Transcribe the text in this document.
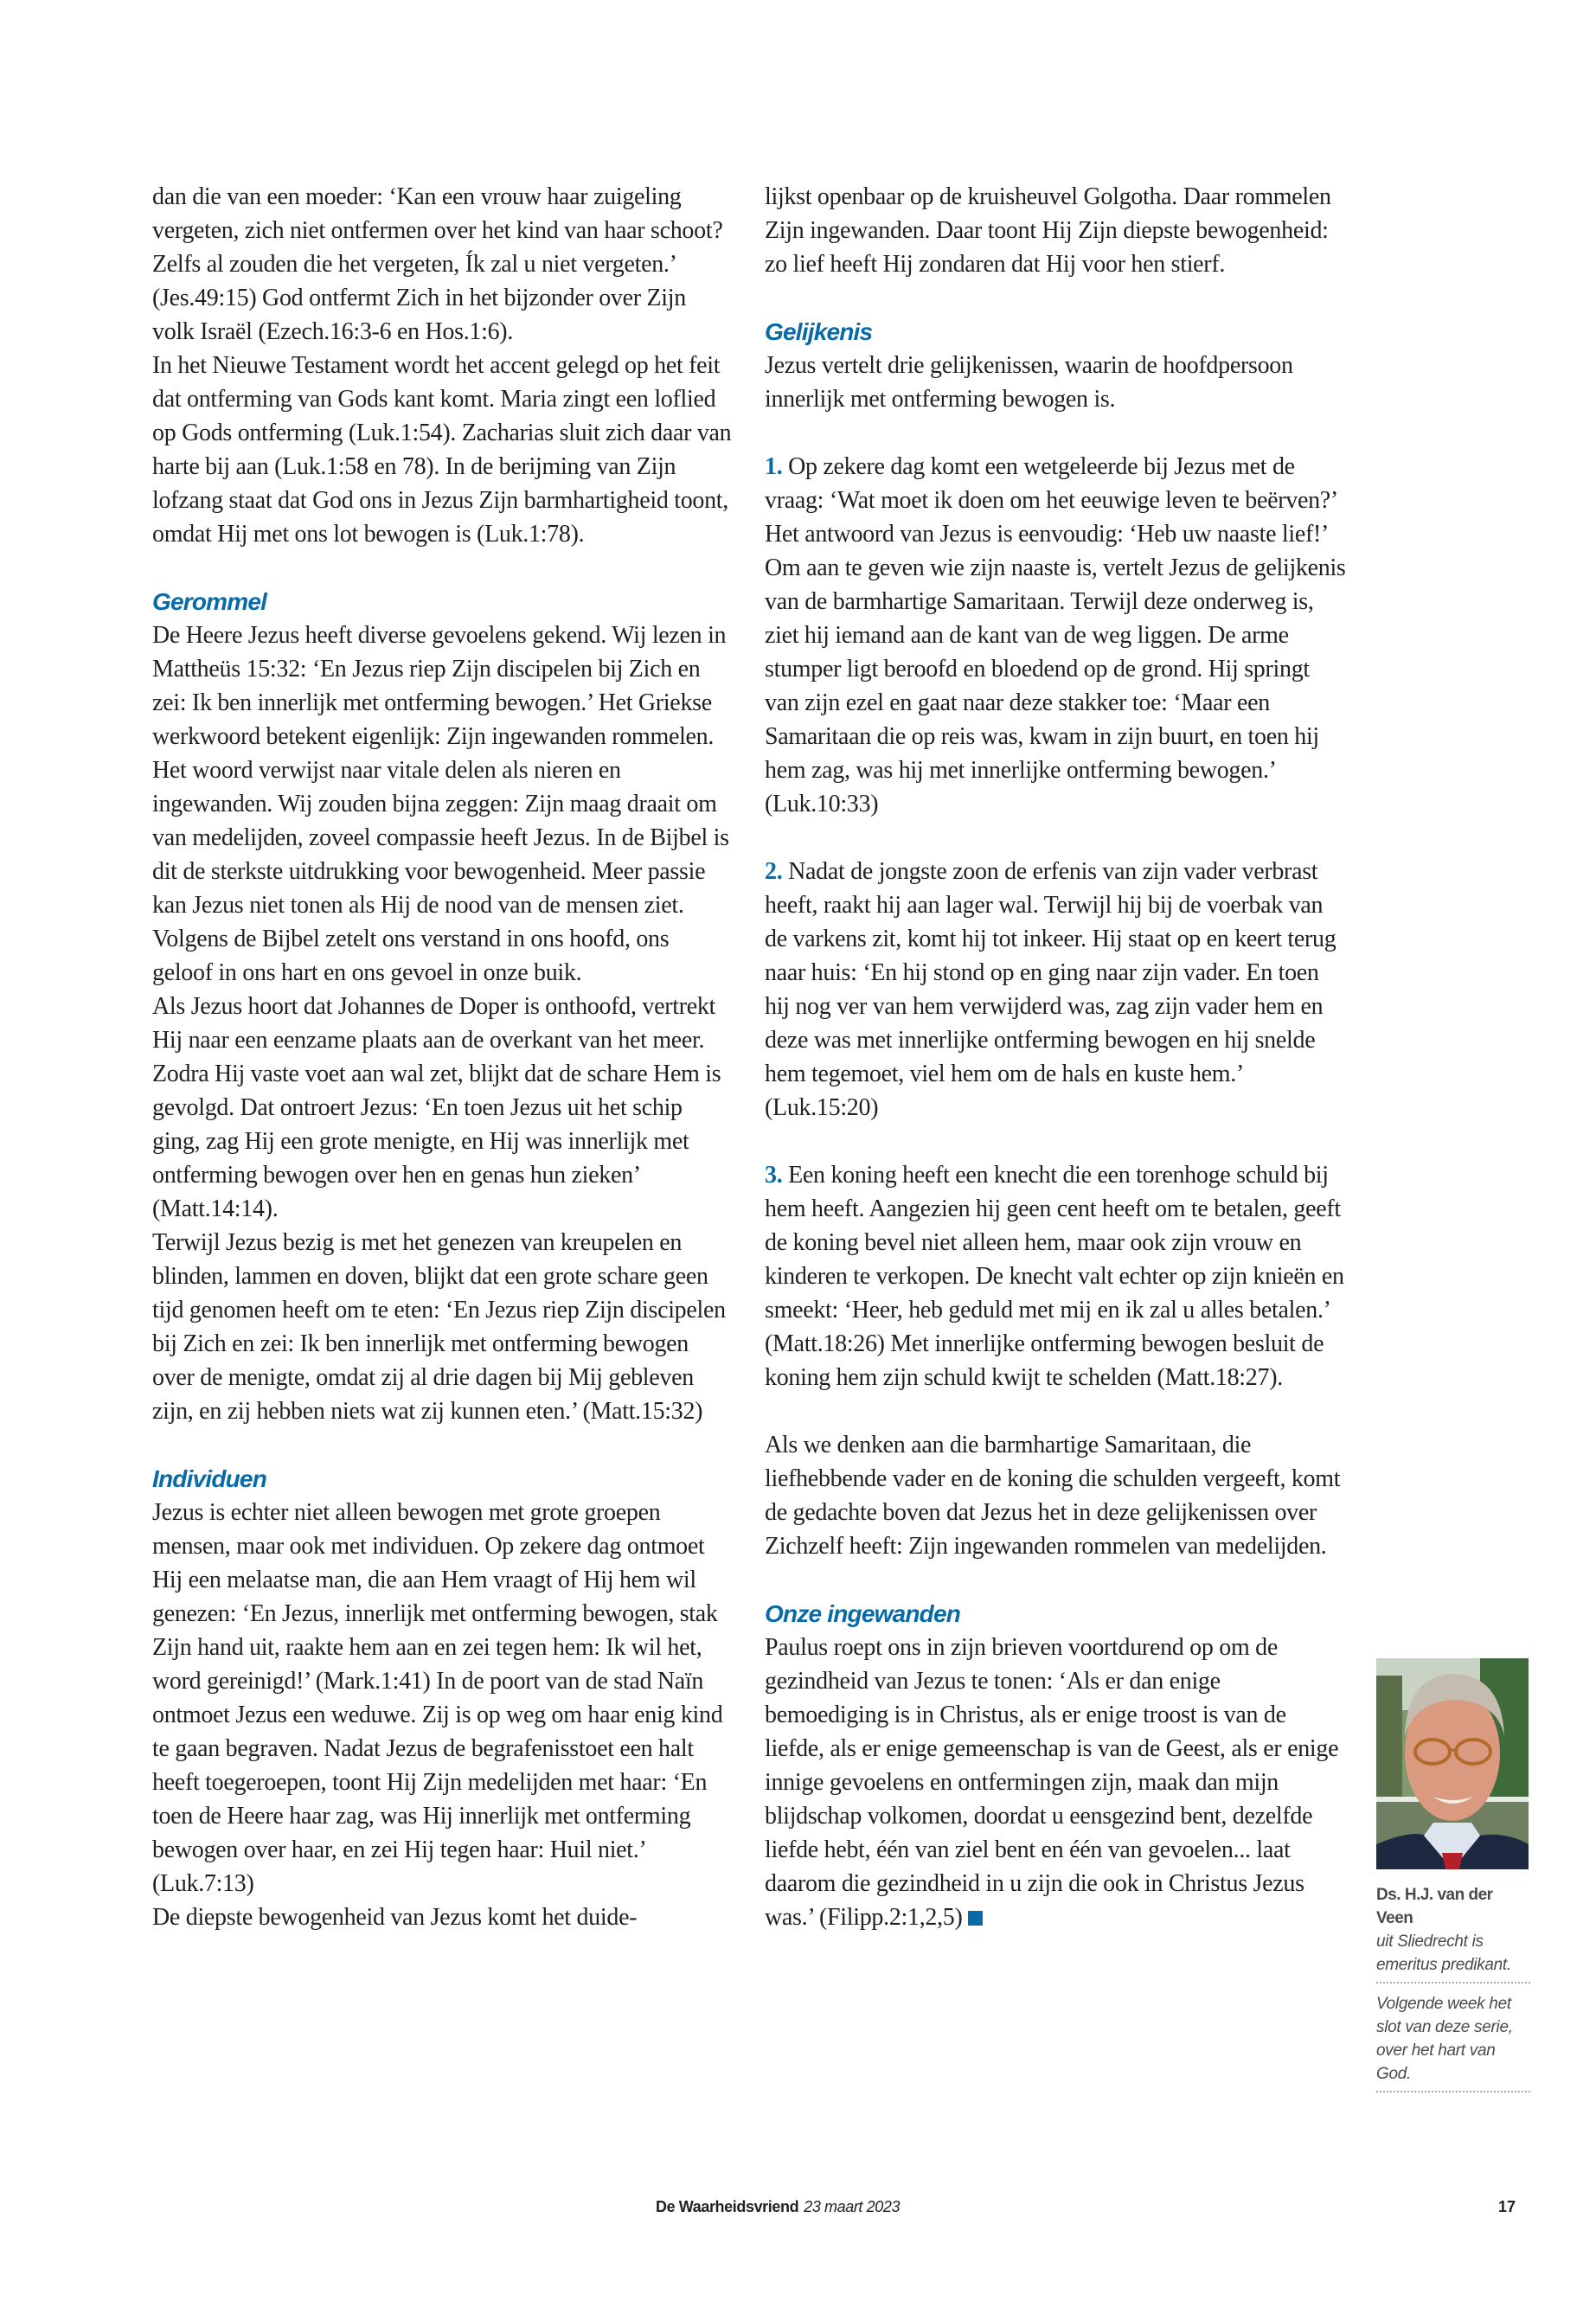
dan die van een moeder: ‘Kan een vrouw haar zuigeling vergeten, zich niet ontfermen over het kind van haar schoot? Zelfs al zouden die het vergeten, Ík zal u niet vergeten.’ (Jes.49:15) God ontfermt Zich in het bijzonder over Zijn volk Israël (Ezech.16:3-6 en Hos.1:6).

In het Nieuwe Testament wordt het accent gelegd op het feit dat ontferming van Gods kant komt. Maria zingt een loflied op Gods ontferming (Luk.1:54). Zacharias sluit zich daar van harte bij aan (Luk.1:58 en 78). In de berijming van Zijn lofzang staat dat God ons in Jezus Zijn barmhartigheid toont, omdat Hij met ons lot bewogen is (Luk.1:78).

Gerommel

De Heere Jezus heeft diverse gevoelens gekend. Wij lezen in Mattheüs 15:32: ‘En Jezus riep Zijn discipelen bij Zich en zei: Ik ben innerlijk met ontferming bewogen.’ Het Griekse werkwoord betekent eigenlijk: Zijn ingewanden rommelen. Het woord verwijst naar vitale delen als nieren en ingewanden. Wij zouden bijna zeggen: Zijn maag draait om van medelijden, zoveel compassie heeft Jezus. In de Bijbel is dit de sterkste uitdrukking voor bewogenheid. Meer passie kan Jezus niet tonen als Hij de nood van de mensen ziet. Volgens de Bijbel zetelt ons verstand in ons hoofd, ons geloof in ons hart en ons gevoel in onze buik.

Als Jezus hoort dat Johannes de Doper is onthoofd, vertrekt Hij naar een eenzame plaats aan de overkant van het meer. Zodra Hij vaste voet aan wal zet, blijkt dat de schare Hem is gevolgd. Dat ontroert Jezus: ‘En toen Jezus uit het schip ging, zag Hij een grote menigte, en Hij was innerlijk met ontferming bewogen over hen en genas hun zieken’ (Matt.14:14).

Terwijl Jezus bezig is met het genezen van kreupelen en blinden, lammen en doven, blijkt dat een grote schare geen tijd genomen heeft om te eten: ‘En Jezus riep Zijn discipelen bij Zich en zei: Ik ben innerlijk met ontferming bewogen over de menigte, omdat zij al drie dagen bij Mij gebleven zijn, en zij hebben niets wat zij kunnen eten.’ (Matt.15:32)

Individuen

Jezus is echter niet alleen bewogen met grote groepen mensen, maar ook met individuen. Op zekere dag ontmoet Hij een melaatse man, die aan Hem vraagt of Hij hem wil genezen: ‘En Jezus, innerlijk met ontferming bewogen, stak Zijn hand uit, raakte hem aan en zei tegen hem: Ik wil het, word gereinigd!’ (Mark.1:41) In de poort van de stad Naïn ontmoet Jezus een weduwe. Zij is op weg om haar enig kind te gaan begraven. Nadat Jezus de begrafenisstoet een halt heeft toegeroepen, toont Hij Zijn medelijden met haar: ‘En toen de Heere haar zag, was Hij innerlijk met ontferming bewogen over haar, en zei Hij tegen haar: Huil niet.’ (Luk.7:13)

De diepste bewogenheid van Jezus komt het duide-

lijkst openbaar op de kruisheuvel Golgotha. Daar rommelen Zijn ingewanden. Daar toont Hij Zijn diepste bewogenheid: zo lief heeft Hij zondaren dat Hij voor hen stierf.

Gelijkenis

Jezus vertelt drie gelijkenissen, waarin de hoofdpersoon innerlijk met ontferming bewogen is.

1. Op zekere dag komt een wetgeleerde bij Jezus met de vraag: ‘Wat moet ik doen om het eeuwige leven te beërven?’ Het antwoord van Jezus is eenvoudig: ‘Heb uw naaste lief!’ Om aan te geven wie zijn naaste is, vertelt Jezus de gelijkenis van de barmhartige Samaritaan. Terwijl deze onderweg is, ziet hij iemand aan de kant van de weg liggen. De arme stumper ligt beroofd en bloedend op de grond. Hij springt van zijn ezel en gaat naar deze stakker toe: ‘Maar een Samaritaan die op reis was, kwam in zijn buurt, en toen hij hem zag, was hij met innerlijke ontferming bewogen.’ (Luk.10:33)

2. Nadat de jongste zoon de erfenis van zijn vader verbrast heeft, raakt hij aan lager wal. Terwijl hij bij de voerbak van de varkens zit, komt hij tot inkeer. Hij staat op en keert terug naar huis: ‘En hij stond op en ging naar zijn vader. En toen hij nog ver van hem verwijderd was, zag zijn vader hem en deze was met innerlijke ontferming bewogen en hij snelde hem tegemoet, viel hem om de hals en kuste hem.’ (Luk.15:20)

3. Een koning heeft een knecht die een torenhoge schuld bij hem heeft. Aangezien hij geen cent heeft om te betalen, geeft de koning bevel niet alleen hem, maar ook zijn vrouw en kinderen te verkopen. De knecht valt echter op zijn knieën en smeekt: ‘Heer, heb geduld met mij en ik zal u alles betalen.’ (Matt.18:26) Met innerlijke ontferming bewogen besluit de koning hem zijn schuld kwijt te schelden (Matt.18:27).

Als we denken aan die barmhartige Samaritaan, die liefhebbende vader en de koning die schulden vergeeft, komt de gedachte boven dat Jezus het in deze gelijkenissen over Zichzelf heeft: Zijn ingewanden rommelen van medelijden.

Onze ingewanden

Paulus roept ons in zijn brieven voortdurend op om de gezindheid van Jezus te tonen: ‘Als er dan enige bemoediging is in Christus, als er enige troost is van de liefde, als er enige gemeenschap is van de Geest, als er enige innige gevoelens en ontfermingen zijn, maak dan mijn blijdschap volkomen, doordat u eensgezind bent, dezelfde liefde hebt, één van ziel bent en één van gevoelen... laat daarom die gezindheid in u zijn die ook in Christus Jezus was.’ (Filipp.2:1,2,5)

Ds. H.J. van der Veen
uit Sliedrecht is emeritus predikant.
Volgende week het slot van deze serie, over het hart van God.
De Waarheidsvriend 23 maart 2023	17
